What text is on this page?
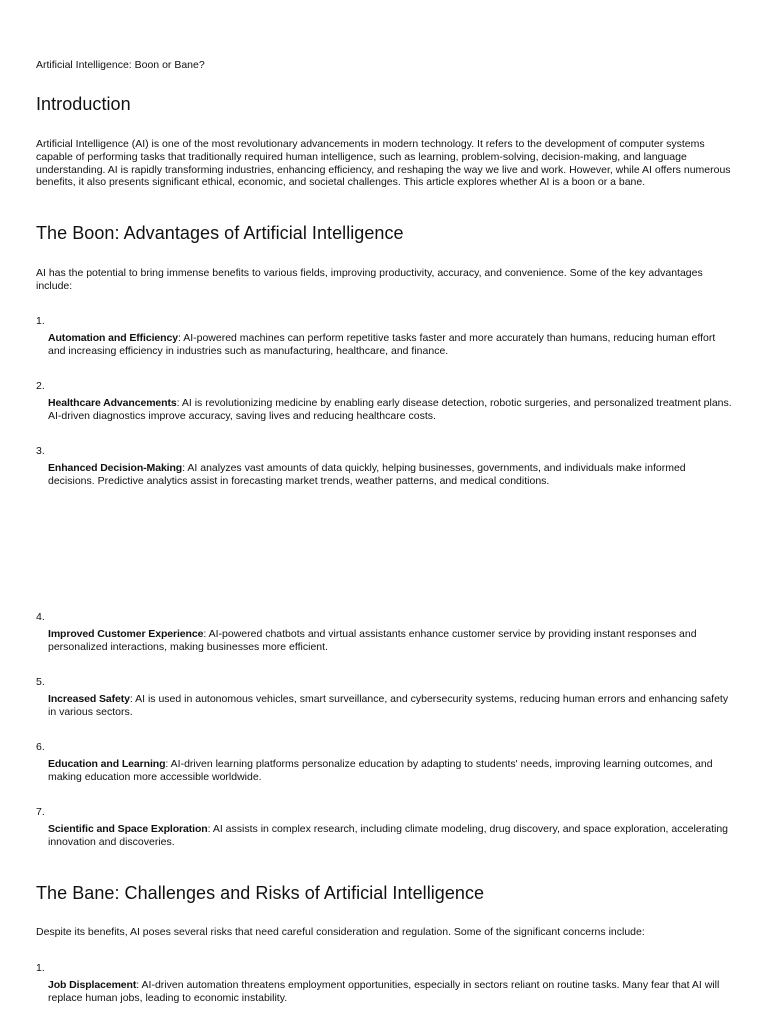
Artificial Intelligence: Boon or Bane?
Introduction

Artificial Intelligence (AI) is one of the most revolutionary advancements in modern technology. It refers to the development of computer systems capable of performing tasks that traditionally required human intelligence, such as learning, problem-solving, decision-making, and language understanding. AI is rapidly transforming industries, enhancing efficiency, and reshaping the way we live and work. However, while AI offers numerous benefits, it also presents significant ethical, economic, and societal challenges. This article explores whether AI is a boon or a bane.

The Boon: Advantages of Artificial Intelligence

AI has the potential to bring immense benefits to various fields, improving productivity, accuracy, and convenience. Some of the key advantages include:

1.

Automation and Efficiency: AI-powered machines can perform repetitive tasks faster and more accurately than humans, reducing human effort and increasing efficiency in industries such as manufacturing, healthcare, and finance.

2.

Healthcare Advancements: AI is revolutionizing medicine by enabling early disease detection, robotic surgeries, and personalized treatment plans. AI-driven diagnostics improve accuracy, saving lives and reducing healthcare costs.

3.

Enhanced Decision-Making: AI analyzes vast amounts of data quickly, helping businesses, governments, and individuals make informed decisions. Predictive analytics assist in forecasting market trends, weather patterns, and medical conditions.

4.

Improved Customer Experience: AI-powered chatbots and virtual assistants enhance customer service by providing instant responses and personalized interactions, making businesses more efficient.

5.

Increased Safety: AI is used in autonomous vehicles, smart surveillance, and cybersecurity systems, reducing human errors and enhancing safety in various sectors.

6.

Education and Learning: AI-driven learning platforms personalize education by adapting to students' needs, improving learning outcomes, and making education more accessible worldwide.

7.

Scientific and Space Exploration: AI assists in complex research, including climate modeling, drug discovery, and space exploration, accelerating innovation and discoveries.

The Bane: Challenges and Risks of Artificial Intelligence

Despite its benefits, AI poses several risks that need careful consideration and regulation. Some of the significant concerns include:

1.

Job Displacement: AI-driven automation threatens employment opportunities, especially in sectors reliant on routine tasks. Many fear that AI will replace human jobs, leading to economic instability.
